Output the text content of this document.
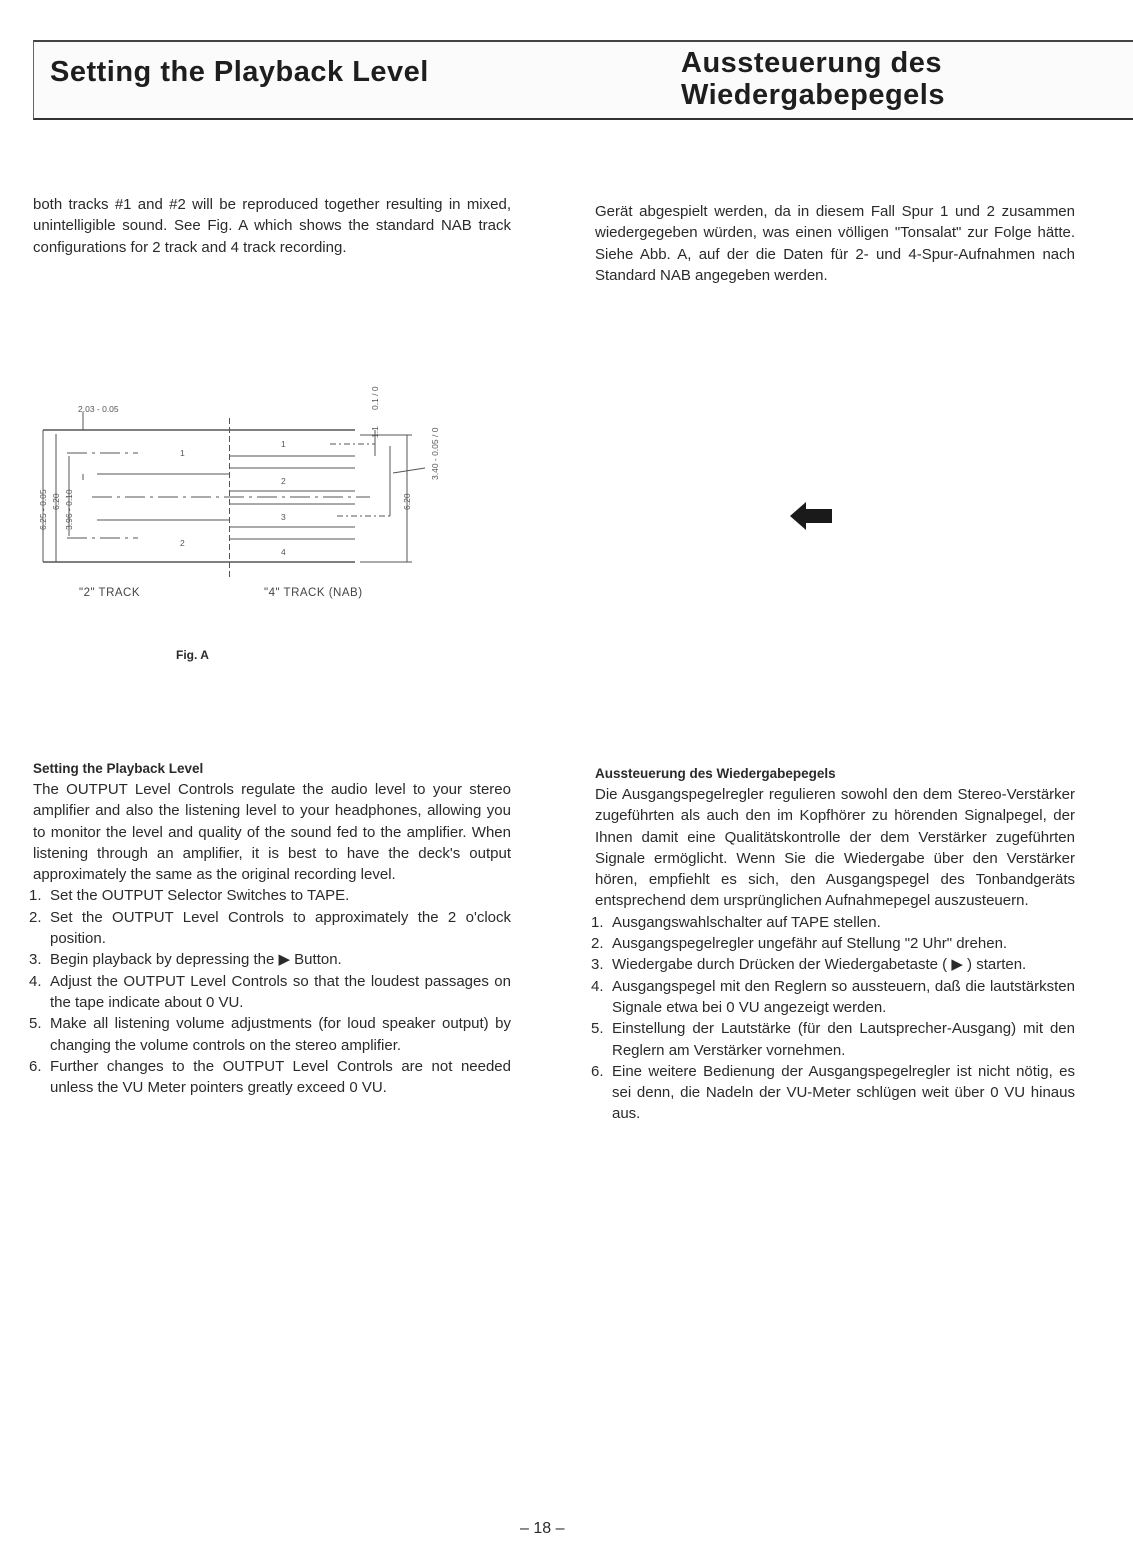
Setting the Playback Level	Aussteuerung des
Wiedergabepegels

both tracks #1 and #2 will be reproduced together resulting in mixed, unintelligible sound. See Fig. A which shows the standard NAB track configurations for 2 track and 4 track recording.

Gerät abgespielt werden, da in diesem Fall Spur 1 und 2 zusammen wiedergegeben würden, was einen völligen "Tonsalat" zur Folge hätte. Siehe Abb. A, auf der die Daten für 2- und 4-Spur-Aufnahmen nach Standard NAB angegeben werden.

2.03 - 0.05
6.25 - 0.05 6.20 3.96 - 0.10
0.1 / 0
1.1	3.40 - 0.05 / 0
6.20
1
2
1
2
3
4
"2" TRACK	"4" TRACK (NAB)
Fig. A
Setting the Playback Level

The OUTPUT Level Controls regulate the audio level to your stereo amplifier and also the listening level to your headphones, allowing you to monitor the level and quality of the sound fed to the amplifier. When listening through an amplifier, it is best to have the deck's output approximately the same as the original recording level.

1. Set the OUTPUT Selector Switches to TAPE.
2. Set the OUTPUT Level Controls to approximately the 2 o'clock position.
3. Begin playback by depressing the ▶ Button.
4. Adjust the OUTPUT Level Controls so that the loudest passages on the tape indicate about 0 VU.
5. Make all listening volume adjustments (for loud speaker output) by changing the volume controls on the stereo amplifier.
6. Further changes to the OUTPUT Level Controls are not needed unless the VU Meter pointers greatly exceed 0 VU.
Aussteuerung des Wiedergabepegels

Die Ausgangspegelregler regulieren sowohl den dem Stereo-Verstärker zugeführten als auch den im Kopfhörer zu hörenden Signalpegel, der Ihnen damit eine Qualitätskontrolle der dem Verstärker zugeführten Signale ermöglicht. Wenn Sie die Wiedergabe über den Verstärker hören, empfiehlt es sich, den Ausgangspegel des Tonbandgeräts entsprechend dem ursprünglichen Aufnahmepegel auszusteuern.

1. Ausgangswahlschalter auf TAPE stellen.
2. Ausgangspegelregler ungefähr auf Stellung "2 Uhr" drehen.
3. Wiedergabe durch Drücken der Wiedergabetaste ( ▶ ) starten.
4. Ausgangspegel mit den Reglern so aussteuern, daß die lautstärksten Signale etwa bei 0 VU angezeigt werden.
5. Einstellung der Lautstärke (für den Lautsprecher-Ausgang) mit den Reglern am Verstärker vornehmen.
6. Eine weitere Bedienung der Ausgangspegelregler ist nicht nötig, es sei denn, die Nadeln der VU-Meter schlügen weit über 0 VU hinaus aus.
– 18 –
